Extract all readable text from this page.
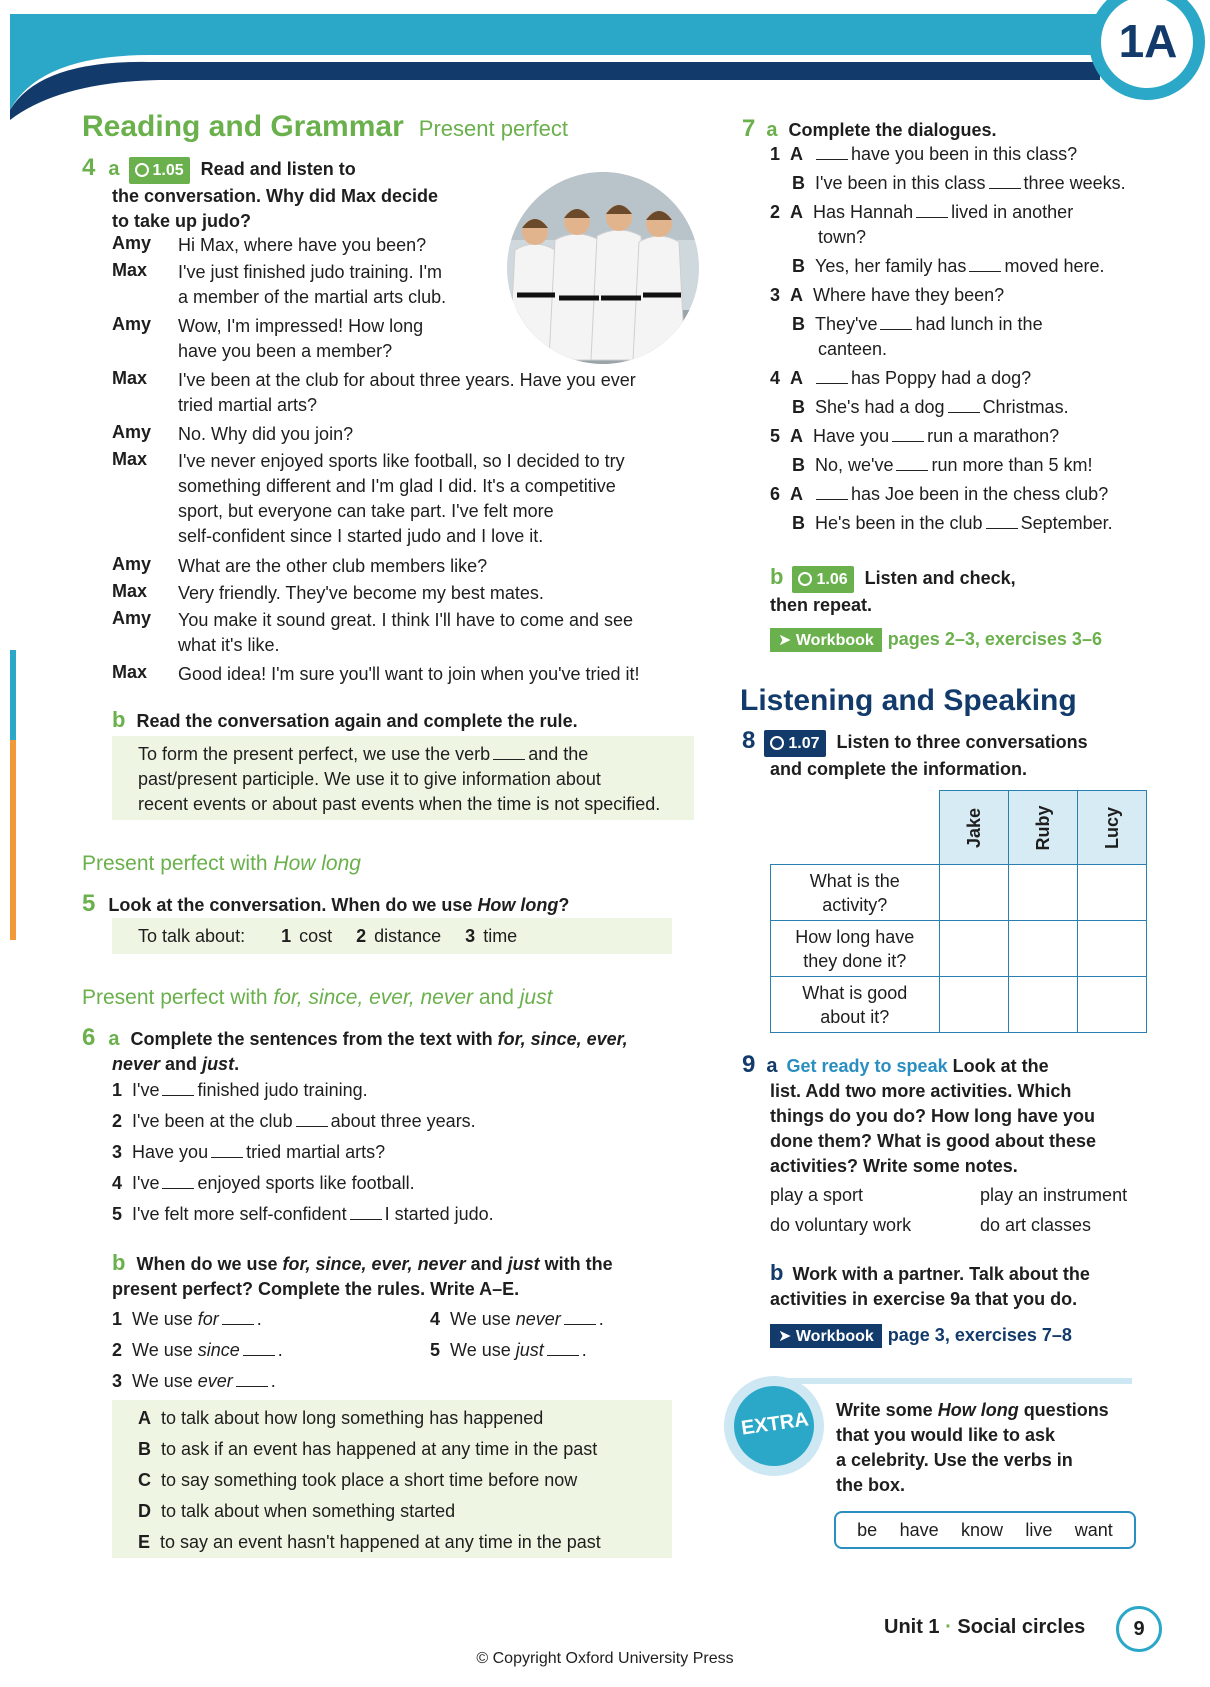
1A
Reading and Grammar Present perfect
4 a 1.05 Read and listen to
the conversation. Why did Max decide
to take up judo?
Amy	Hi Max, where have you been?
Max	I've just finished judo training. I'm
a member of the martial arts club.
Amy	Wow, I'm impressed! How long
have you been a member?
Max	I've been at the club for about three years. Have you ever
tried martial arts?
Amy	No. Why did you join?
Max	I've never enjoyed sports like football, so I decided to try
something different and I'm glad I did. It's a competitive
sport, but everyone can take part. I've felt more
self-confident since I started judo and I love it.
Amy	What are the other club members like?
Max	Very friendly. They've become my best mates.
Amy	You make it sound great. I think I'll have to come and see
what it's like.
Max	Good idea! I'm sure you'll want to join when you've tried it!
b Read the conversation again and complete the rule.
To form the present perfect, we use the verb and the
past/present participle. We use it to give information about
recent events or about past events when the time is not specified.
Present perfect with How long
5 Look at the conversation. When do we use How long?
To talk about: 1 cost 2 distance 3 time
Present perfect with for, since, ever, never and just
6 a Complete the sentences from the text with for, since, ever,
never and just.
1 I've finished judo training.
2 I've been at the club about three years.
3 Have you tried martial arts?
4 I've enjoyed sports like football.
5 I've felt more self-confident I started judo.
b When do we use for, since, ever, never and just with the
present perfect? Complete the rules. Write A–E.
1 We use for .
2 We use since .
3 We use ever .
4 We use never .
5 We use just .
A to talk about how long something has happened
B to ask if an event has happened at any time in the past
C to say something took place a short time before now
D to talk about when something started
E to say an event hasn't happened at any time in the past
7 a Complete the dialogues.
1  A	have you been in this class?
B I've been in this class three weeks.
2  A Has Hannah lived in another
town?
B Yes, her family has moved here.
3  A Where have they been?
B They've had lunch in the
canteen.
4  A	has Poppy had a dog?
B She's had a dog Christmas.
5  A Have you run a marathon?
B No, we've run more than 5 km!
6  A	has Joe been in the chess club?
B He's been in the club September.
b 1.06 Listen and check,
then repeat.
➤ Workbook pages 2–3, exercises 3–6
Listening and Speaking
8 1.07 Listen to three conversations
and complete the information.

	Jake	Ruby	Lucy

What is the
activity?			

How long have
they done it?			

What is good
about it?			

9 a Get ready to speak Look at the
list. Add two more activities. Which
things do you do? How long have you
done them? What is good about these
activities? Write some notes.
play a sport	play an instrument
do voluntary work	do art classes
b Work with a partner. Talk about the
activities in exercise 9a that you do.
➤ Workbook page 3, exercises 7–8
EXTRA	Write some How long questions
that you would like to ask
a celebrity. Use the verbs in
the box.
be have know live want
Unit 1 · Social circles	9
© Copyright Oxford University Press
